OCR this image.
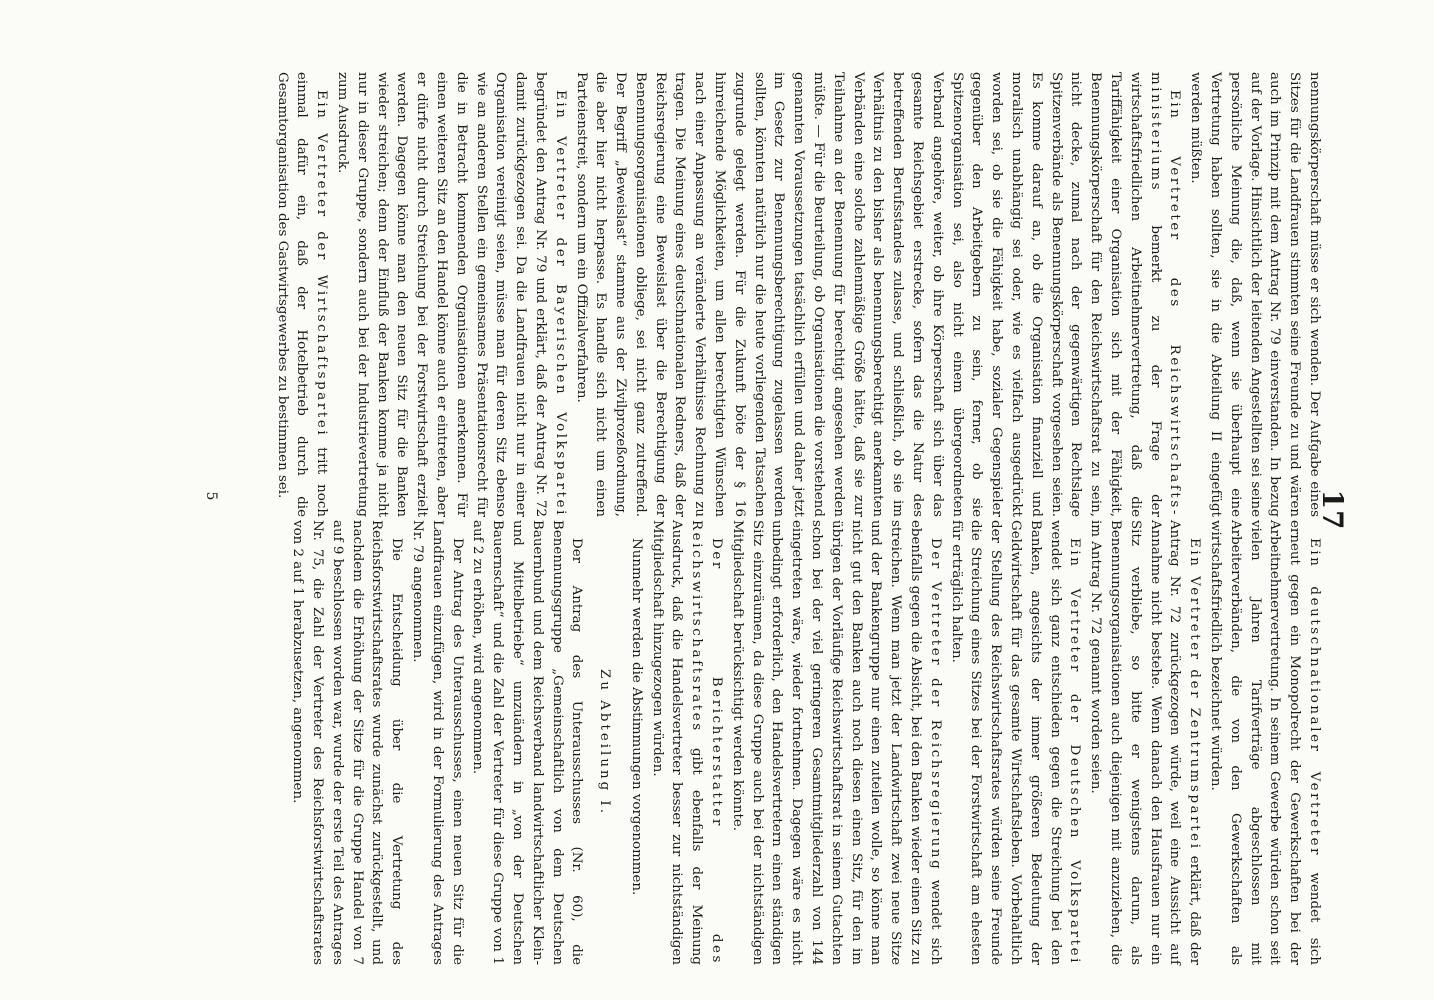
17

nennungskörperschaft müsse er sich wenden. Der Aufgabe eines Sitzes für die Landfrauen stimmten seine Freunde zu und wären auch im Prinzip mit dem Antrag Nr. 79 einverstanden. In bezug auf der Vorlage. Hinsichtlich der leitenden Angestellten sei seine persönliche Meinung die, daß, wenn sie überhaupt eine Vertretung haben sollten, sie in die Abteilung II eingefügt werden müßten.

Ein Vertreter des Reichswirtschafts-ministeriums bemerkt zu der Frage der wirtschaftsfriedlichen Arbeitnehmervertretung, daß die Tariffähigkeit einer Organisation sich mit der Fähigkeit, Benennungskörperschaft für den Reichswirtschaftsrat zu sein, nicht decke, zumal nach der gegenwärtigen Rechtslage Spitzenverbände als Benennungskörperschaft vorgesehen seien. Es komme darauf an, ob die Organisation finanziell und moralisch unabhängig sei oder, wie es vielfach ausgedrückt worden sei, ob sie die Fähigkeit habe, sozialer Gegenspieler gegenüber den Arbeitgebern zu sein, ferner, ob sie Spitzenorganisation sei, also nicht einem übergeordneten Verband angehöre, weiter, ob ihre Körperschaft sich über das gesamte Reichsgebiet erstrecke, sofern das die Natur des betreffenden Berufsstandes zulasse, und schließlich, ob sie im Verhältnis zu den bisher als benennungsberechtigt anerkannten Verbänden eine solche zahlenmäßige Größe hätte, daß sie zur Teilnahme an der Benennung für berechtigt angesehen werden müßte. — Für die Beurteilung, ob Organisationen die vorstehend genannten Voraussetzungen tatsächlich erfüllen und daher jetzt im Gesetz zur Benennungsberechtigung zugelassen werden sollten, könnten natürlich nur die heute vorliegenden Tatsachen zugrunde gelegt werden. Für die Zukunft böte der § 16 hinreichende Möglichkeiten, um allen berechtigten Wünschen nach einer Anpassung an veränderte Verhältnisse Rechnung zu tragen. Die Meinung eines deutschnationalen Redners, daß der Reichsregierung eine Beweislast über die Berechtigung der Benennungsorganisationen obliege, sei nicht ganz zutreffend. Der Begriff „Beweislast“ stamme aus der Zivilprozeßordnung, die aber hier nicht herpasse. Es handle sich nicht um einen Parteienstreit, sondern um ein Offizialverfahren.

Ein Vertreter der Bayerischen Volkspartei begründet den Antrag Nr. 79 und erklärt, daß der Antrag Nr. 72 damit zurückgezogen sei. Da die Landfrauen nicht nur in einer Organisation vereinigt seien, müsse man für deren Sitz ebenso wie an anderen Stellen ein gemeinsames Präsentationsrecht für die in Betracht kommenden Organisationen anerkennen. Für einen weiteren Sitz an den Handel könne auch er eintreten, aber er dürfe nicht durch Streichung bei der Forstwirtschaft erzielt werden. Dagegen könne man den neuen Sitz für die Banken wieder streichen; denn der Einfluß der Banken komme ja nicht nur in dieser Gruppe, sondern auch bei der Industrievertretung zum Ausdruck.

Ein Vertreter der Wirtschaftspartei tritt noch einmal dafür ein, daß der Hotelbetrieb durch die Gesamtorganisation des Gastwirtsgewerbes zu bestimmen sei.

Ein deutschnationaler Vertreter wendet sich erneut gegen ein Monopolrecht der Gewerkschaften bei der Arbeitnehmervertretung. In seinem Gewerbe würden schon seit vielen Jahren Tarifverträge abgeschlossen mit Arbeiterverbänden, die von den Gewerkschaften als wirtschaftsfriedlich bezeichnet würden.

Ein Vertreter der Zentrumspartei erklärt, daß der Antrag Nr. 72 zurückgezogen würde, weil eine Aussicht auf Annahme nicht bestehe. Wenn danach den Hausfrauen nur ein Sitz verbliebe, so bitte er wenigstens darum, als Benennungsorganisationen auch diejenigen mit anzuziehen, die im Antrag Nr. 72 genannt worden seien.

Ein Vertreter der Deutschen Volkspartei wendet sich ganz entschieden gegen die Streichung bei den Banken, angesichts der immer größeren Bedeutung der Geldwirtschaft für das gesamte Wirtschaftsleben. Vorbehaltlich der Stellung des Reichswirtschaftsrates würden seine Freunde die Streichung eines Sitzes bei der Forstwirtschaft am ehesten für erträglich halten.

Der Vertreter der Reichsregierung wendet sich ebenfalls gegen die Absicht, bei den Banken wieder einen Sitz zu streichen. Wenn man jetzt der Landwirtschaft zwei neue Sitze und der Bankengruppe nur einen zuteilen wolle, so könne man nicht gut den Banken auch noch diesen einen Sitz, für den im übrigen der Vorläufige Reichswirtschaftsrat in seinem Gutachten schon bei der viel geringeren Gesamtmitgliederzahl von 144 eingetreten wäre, wieder fortnehmen. Dagegen wäre es nicht unbedingt erforderlich, den Handelsvertretern einen ständigen Sitz einzuräumen, da diese Gruppe auch bei der nichtständigen Mitgliedschaft berücksichtigt werden könnte.

Der Berichterstatter des Reichswirtschaftsrates gibt ebenfalls der Meinung Ausdruck, daß die Handelsvertreter besser zur nichtständigen Mitgliedschaft hinzugezogen würden.

Nunmehr werden die Abstimmungen vorgenommen.

Zu Abteilung I.

Der Antrag des Unterausschusses (Nr. 60), die Benennungsgruppe „Gemeinschaftlich von dem Deutschen Bauernbund und dem Reichsverband landwirtschaftlicher Klein- und Mittelbetriebe“ umzuändern in „von der Deutschen Bauernschaft“ und die Zahl der Vertreter für diese Gruppe von 1 auf 2 zu erhöhen, wird angenommen.

Der Antrag des Unterausschusses, einen neuen Sitz für die Landfrauen einzufügen, wird in der Formulierung des Antrages Nr. 79 angenommen.

Die Entscheidung über die Vertretung des Reichsforstwirtschaftsrates wurde zunächst zurückgestellt, und nachdem die Erhöhung der Sitze für die Gruppe Handel von 7 auf 9 beschlossen worden war, wurde der erste Teil des Antrages Nr. 75, die Zahl der Vertreter des Reichsforstwirtschaftsrates von 2 auf 1 herabzusetzen, angenommen.

5
